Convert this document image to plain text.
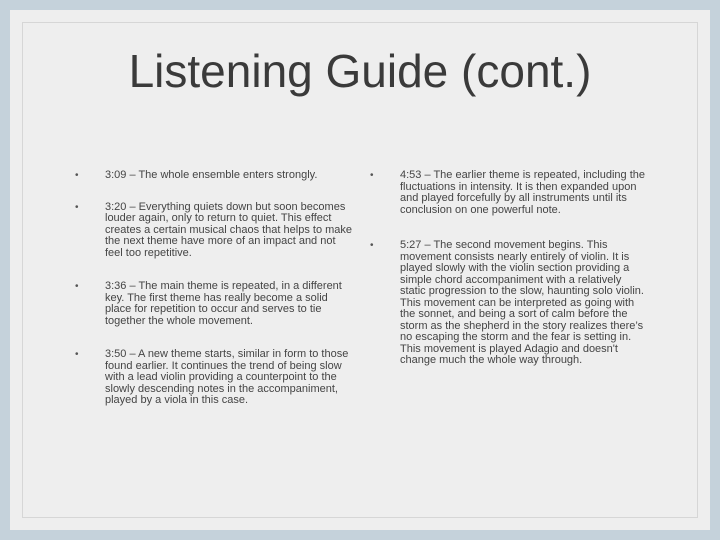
Listening Guide (cont.)
•	3:09 – The whole ensemble enters strongly.
•	3:20 – Everything quiets down but soon becomes louder again, only to return to quiet. This effect creates a certain musical chaos that helps to make the next theme have more of an impact and not feel too repetitive.
•	3:36 – The main theme is repeated, in a different key. The first theme has really become a solid place for repetition to occur and serves to tie together the whole movement.
•	3:50 – A new theme starts, similar in form to those found earlier. It continues the trend of being slow with a lead violin providing a counterpoint to the slowly descending notes in the accompaniment, played by a viola in this case.
•	4:53 – The earlier theme is repeated, including the fluctuations in intensity. It is then expanded upon and played forcefully by all instruments until its conclusion on one powerful note.
•	5:27 – The second movement begins. This movement consists nearly entirely of violin. It is played slowly with the violin section providing a simple chord accompaniment with a relatively static progression to the slow, haunting solo violin. This movement can be interpreted as going with the sonnet, and being a sort of calm before the storm as the shepherd in the story realizes there’s no escaping the storm and the fear is setting in. This movement is played Adagio and doesn't change much the whole way through.
